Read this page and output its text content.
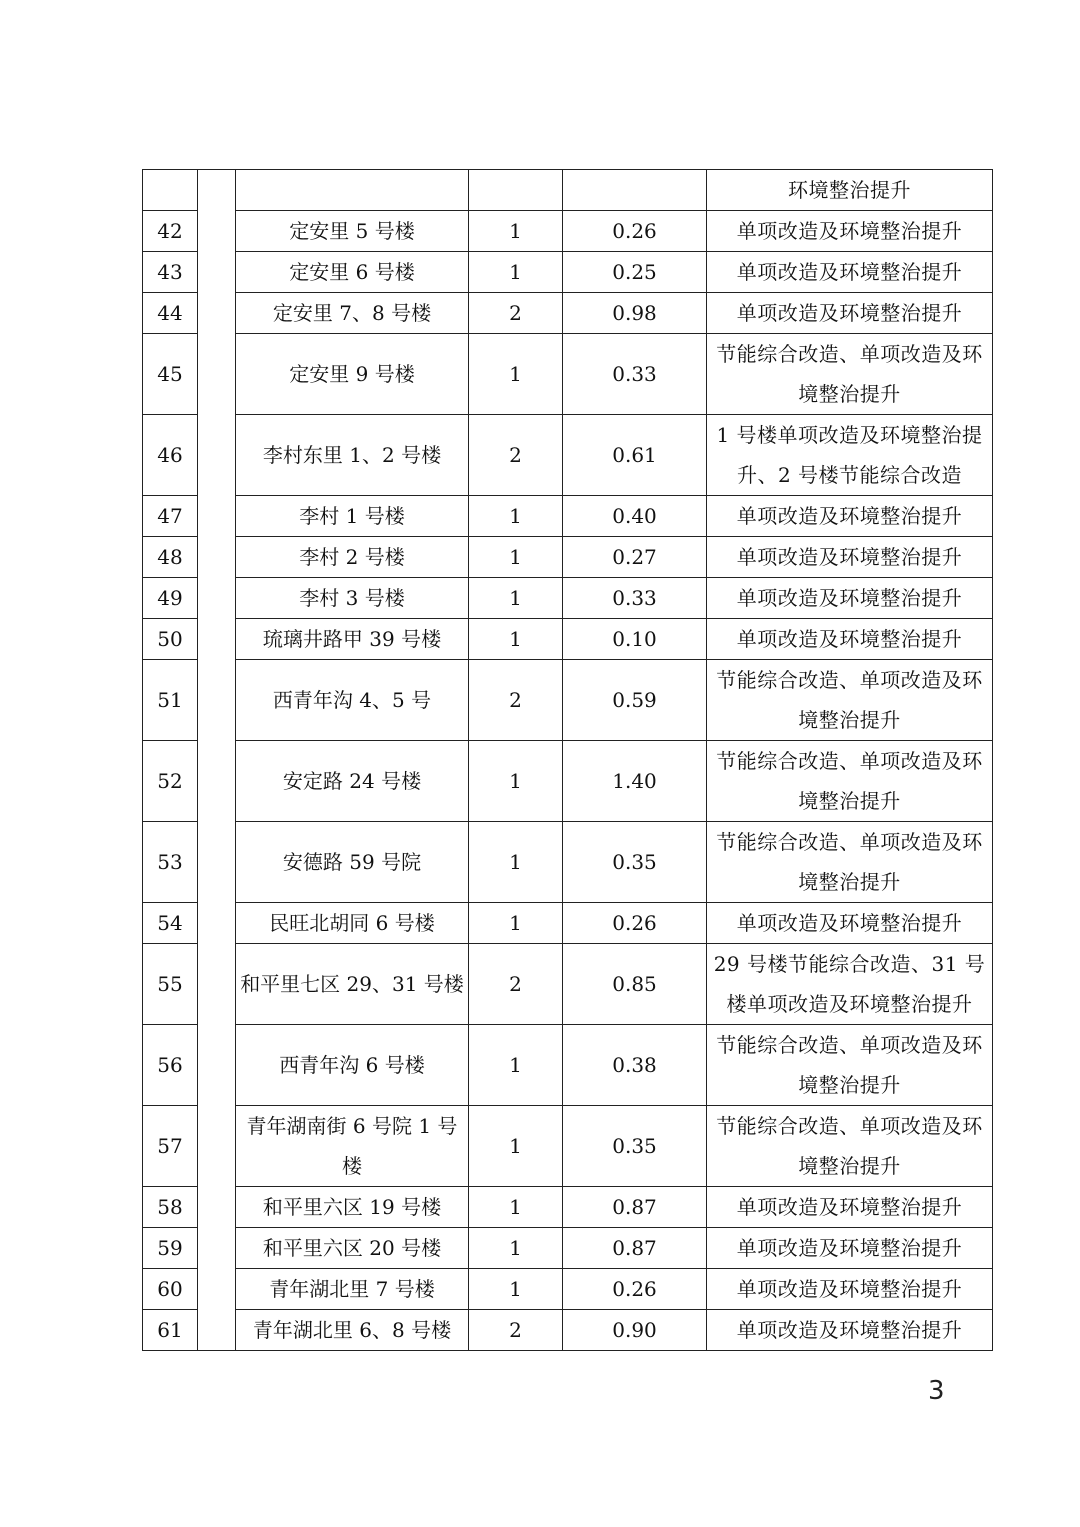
					环境整治提升
42		定安里 5 号楼	1	0.26	单项改造及环境整治提升
43		定安里 6 号楼	1	0.25	单项改造及环境整治提升
44		定安里 7、8 号楼	2	0.98	单项改造及环境整治提升
45		定安里 9 号楼	1	0.33	节能综合改造、单项改造及环境整治提升
46		李村东里 1、2 号楼	2	0.61	1 号楼单项改造及环境整治提升、2 号楼节能综合改造
47		李村 1 号楼	1	0.40	单项改造及环境整治提升
48		李村 2 号楼	1	0.27	单项改造及环境整治提升
49		李村 3 号楼	1	0.33	单项改造及环境整治提升
50		琉璃井路甲 39 号楼	1	0.10	单项改造及环境整治提升
51		西青年沟 4、5 号	2	0.59	节能综合改造、单项改造及环境整治提升
52		安定路 24 号楼	1	1.40	节能综合改造、单项改造及环境整治提升
53		安德路 59 号院	1	0.35	节能综合改造、单项改造及环境整治提升
54		民旺北胡同 6 号楼	1	0.26	单项改造及环境整治提升
55		和平里七区 29、31 号楼	2	0.85	29 号楼节能综合改造、31 号楼单项改造及环境整治提升
56		西青年沟 6 号楼	1	0.38	节能综合改造、单项改造及环境整治提升
57		青年湖南街 6 号院 1 号楼	1	0.35	节能综合改造、单项改造及环境整治提升
58		和平里六区 19 号楼	1	0.87	单项改造及环境整治提升
59		和平里六区 20 号楼	1	0.87	单项改造及环境整治提升
60		青年湖北里 7 号楼	1	0.26	单项改造及环境整治提升
61		青年湖北里 6、8 号楼	2	0.90	单项改造及环境整治提升
3
